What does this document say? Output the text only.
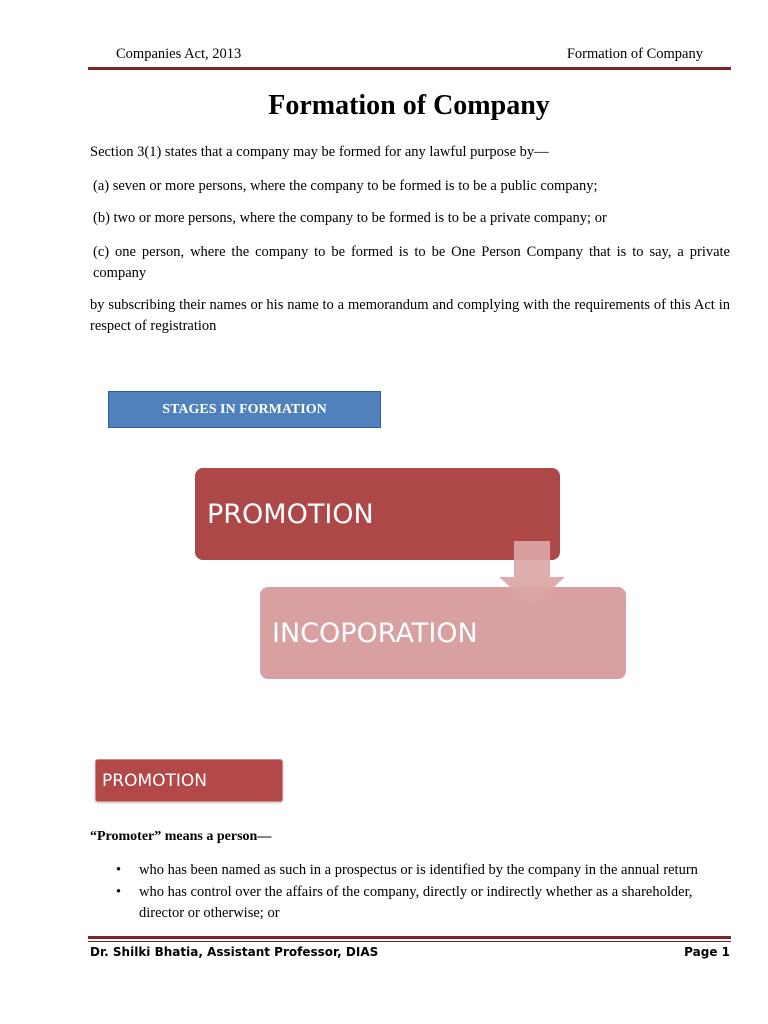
Companies Act, 2013	Formation of Company
Formation of Company
Section 3(1) states that a company may be formed for any lawful purpose by—
(a) seven or more persons, where the company to be formed is to be a public company;
(b) two or more persons, where the company to be formed is to be a private company; or
(c) one person, where the company to be formed is to be One Person Company that is to say, a private company
by subscribing their names or his name to a memorandum and complying with the requirements of this Act in respect of registration
STAGES IN FORMATION
INCOPORATION
PROMOTION
PROMOTION
“Promoter” means a person—
• who has been named as such in a prospectus or is identified by the company in the annual return
• who has control over the affairs of the company, directly or indirectly whether as a shareholder, director or otherwise; or
Dr. Shilki Bhatia, Assistant Professor, DIAS	Page 1
